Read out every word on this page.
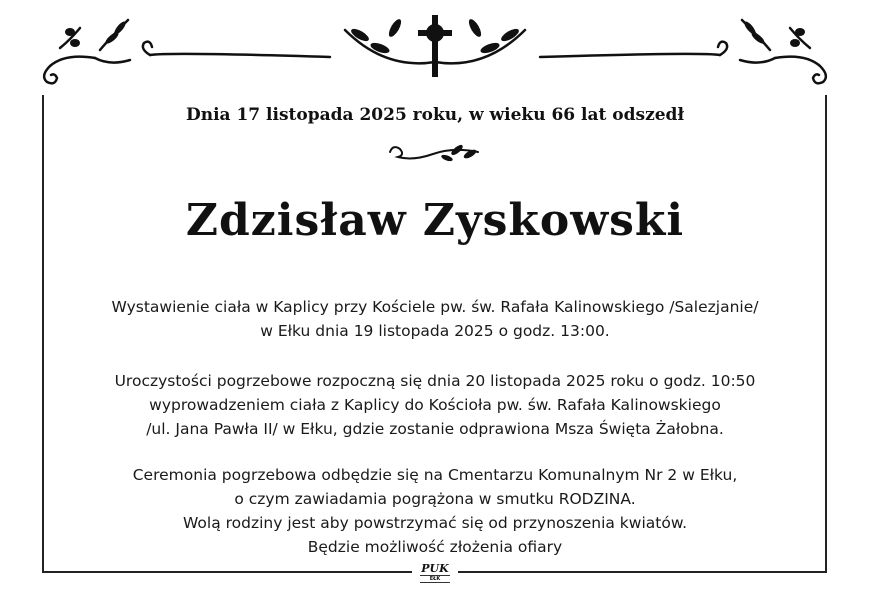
Dnia 17 listopada 2025 roku, w wieku 66 lat odszedł
Zdzisław Zyskowski
Wystawienie ciała w Kaplicy przy Kościele pw. św. Rafała Kalinowskiego /Salezjanie/
w Ełku dnia 19 listopada 2025 o godz. 13:00.
Uroczystości pogrzebowe rozpoczną się dnia 20 listopada 2025 roku o godz. 10:50
wyprowadzeniem ciała z Kaplicy do Kościoła pw. św. Rafała Kalinowskiego
/ul. Jana Pawła II/ w Ełku, gdzie zostanie odprawiona Msza Święta Żałobna.
Ceremonia pogrzebowa odbędzie się na Cmentarzu Komunalnym Nr 2 w Ełku,
o czym zawiadamia pogrążona w smutku RODZINA.
Wolą rodziny jest aby powstrzymać się od przynoszenia kwiatów.
Będzie możliwość złożenia ofiary
PUK
EŁK
